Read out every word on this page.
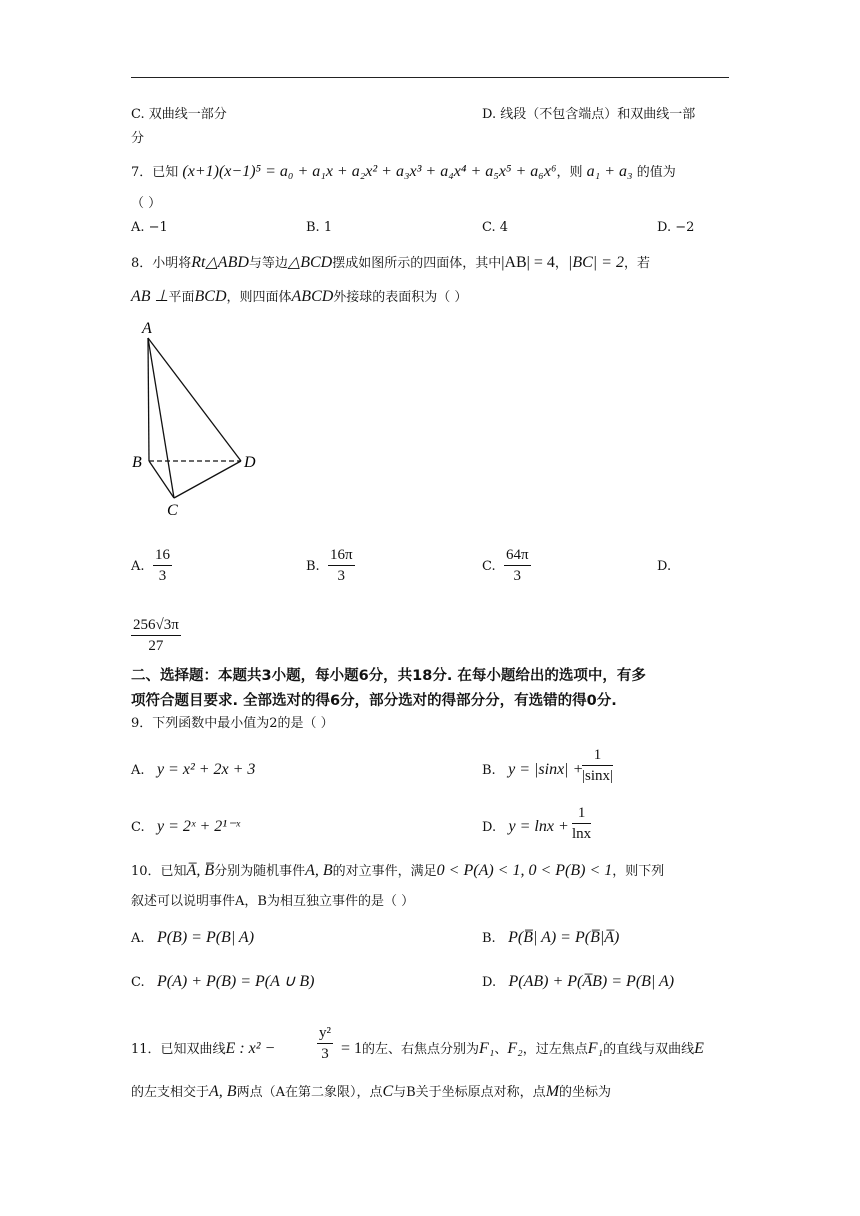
C. 双曲线一部分	D. 线段（不包含端点）和双曲线一部
分
7．已知 (x+1)(x−1)⁵ = a₀ + a₁x + a₂x² + a₃x³ + a₄x⁴ + a₅x⁵ + a₆x⁶，则 a₁ + a₃ 的值为
（ ）
A. −1	B. 1	C. 4	D. −2
8．小明将Rt△ABD与等边△BCD摆成如图所示的四面体，其中|AB| = 4，|BC| = 2，若
AB ⊥平面BCD，则四面体ABCD外接球的表面积为（ ）
A
B	D
C
A. $\frac{16}{3}$	B. $\frac{16\pi}{3}$	C. $\frac{64\pi}{3}$	D.
$\frac{256√3\pi}{27}$
二、选择题：本题共3小题，每小题6分，共18分. 在每小题给出的选项中，有多
项符合题目要求. 全部选对的得6分，部分选对的得部分分，有选错的得0分.
9．下列函数中最小值为2的是（ ）
A. y = x² + 2x + 3	B. y = |sinx| +
$\frac{1}{|\sin x|}$
C. y = 2ˣ + 2¹⁻ˣ	D. $y = \ln x + \frac{1}{\ln x}$
10．已知A̅, B̅分别为随机事件A, B的对立事件，满足0 < P(A) < 1, 0 < P(B) < 1，则下列
叙述可以说明事件A，B为相互独立事件的是（ ）
A. P(B) = P(B| A)	B. P(B̅| A) = P(B̅|A̅)
C. P(A) + P(B) = P(A ∪ B)	D. P(AB) + P(A̅B) = P(B| A)
11．已知双曲线E : x² −	$\frac{\text{y²}}{3} = 1$的左、右焦点分别为F₁、F₂，过左焦点F₁的直线与双曲线E
的左支相交于A, B两点（A在第二象限），点C与B关于坐标原点对称，点M的坐标为
